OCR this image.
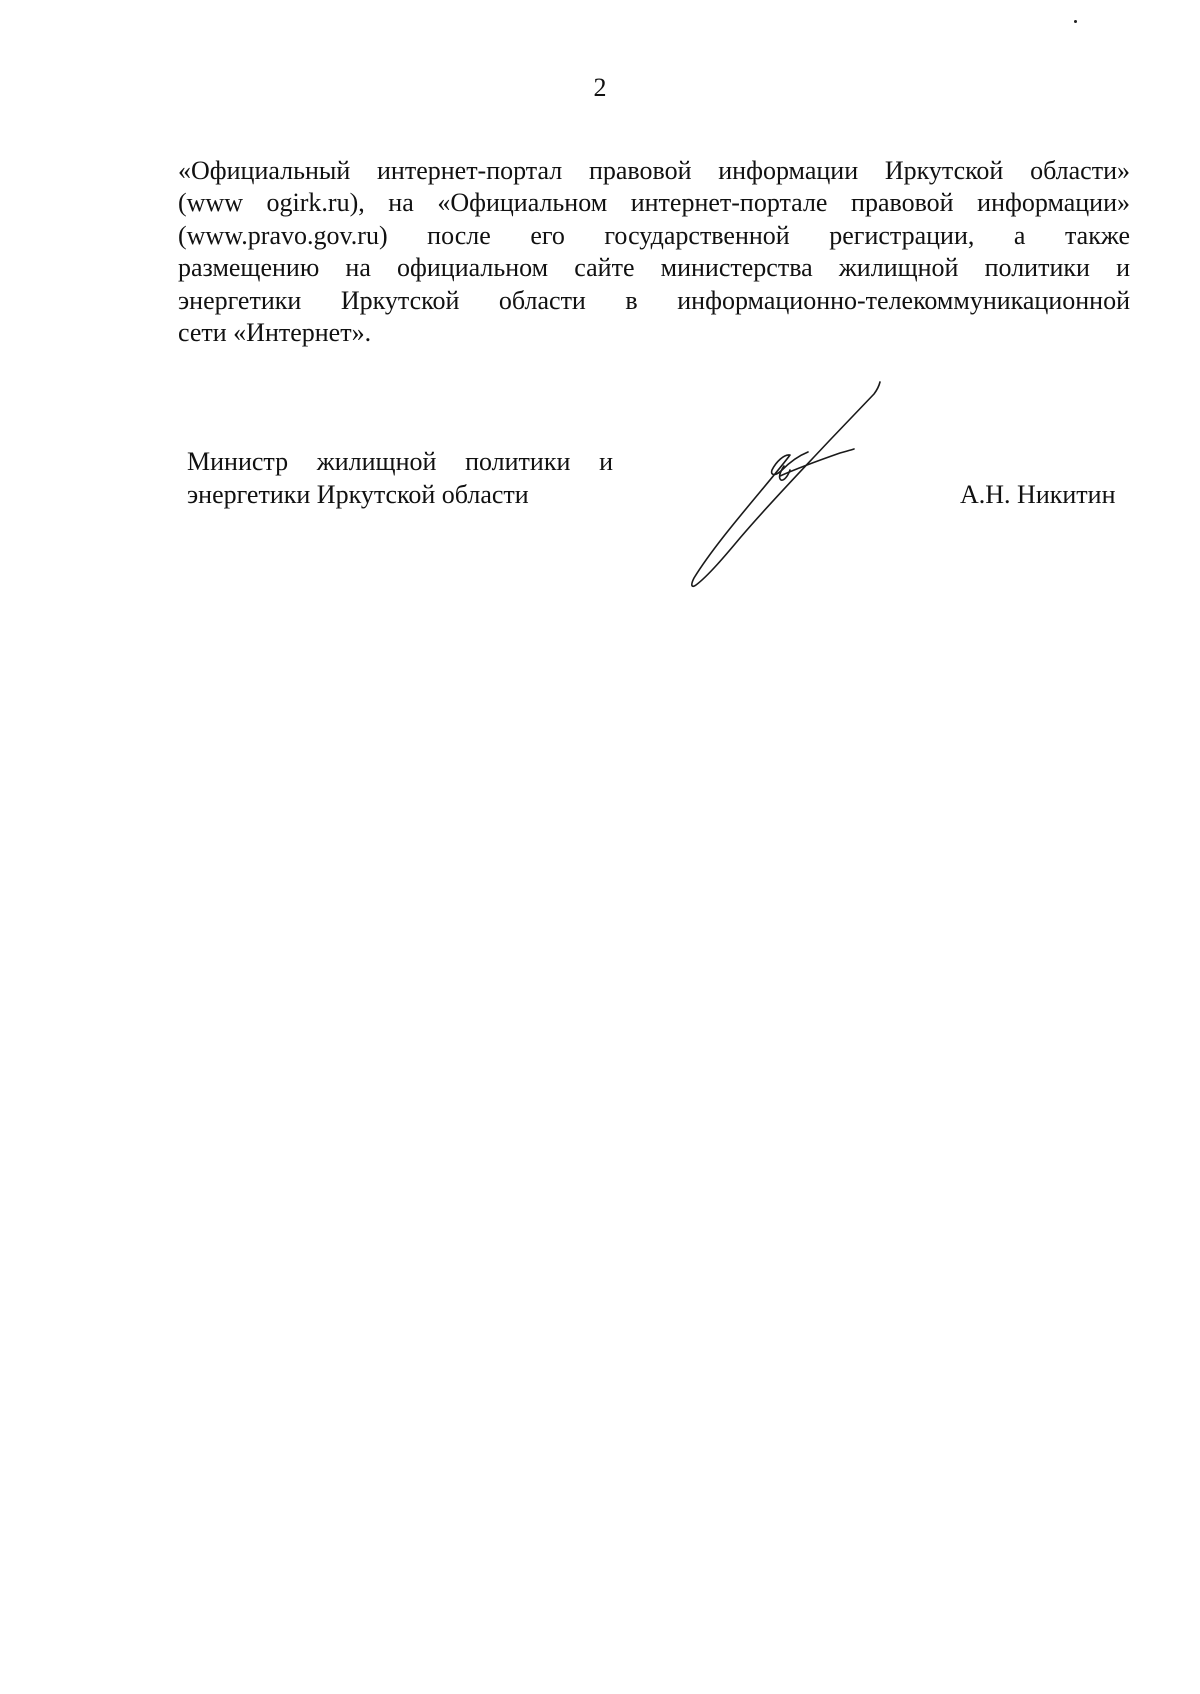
2
«Официальный интернет-портал правовой информации Иркутской области»
(www ogirk.ru), на «Официальном интернет-портале правовой информации»
(www.pravo.gov.ru) после его государственной регистрации, а также
размещению на официальном сайте министерства жилищной политики и
энергетики Иркутской области в информационно-телекоммуникационной
сети «Интернет».
Министр жилищной политики и
энергетики Иркутской области	А.Н. Никитин
